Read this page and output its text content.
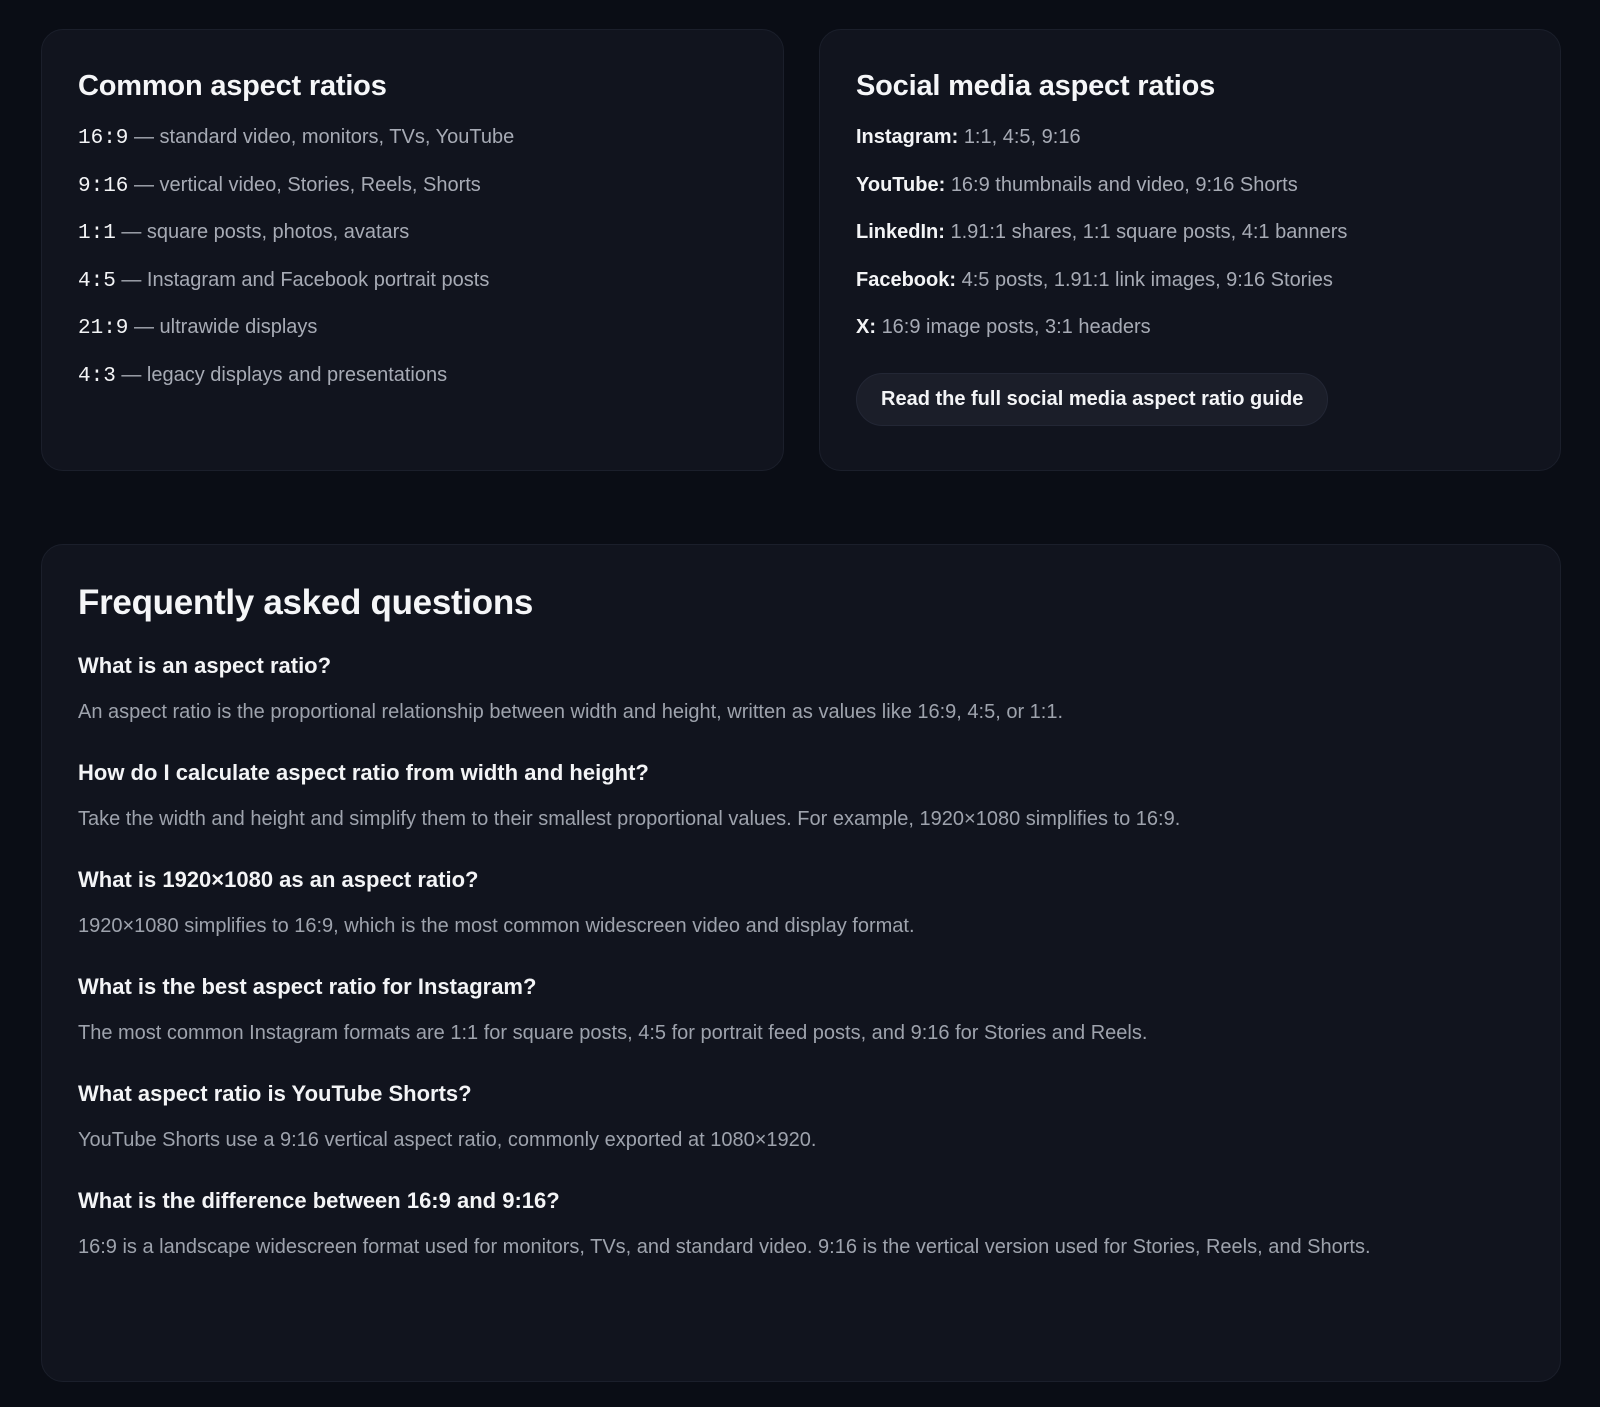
Common aspect ratios
16:9 — standard video, monitors, TVs, YouTube
9:16 — vertical video, Stories, Reels, Shorts
1:1 — square posts, photos, avatars
4:5 — Instagram and Facebook portrait posts
21:9 — ultrawide displays
4:3 — legacy displays and presentations
Social media aspect ratios
Instagram: 1:1, 4:5, 9:16
YouTube: 16:9 thumbnails and video, 9:16 Shorts
LinkedIn: 1.91:1 shares, 1:1 square posts, 4:1 banners
Facebook: 4:5 posts, 1.91:1 link images, 9:16 Stories
X: 16:9 image posts, 3:1 headers
Read the full social media aspect ratio guide
Frequently asked questions
What is an aspect ratio?
An aspect ratio is the proportional relationship between width and height, written as values like 16:9, 4:5, or 1:1.
How do I calculate aspect ratio from width and height?
Take the width and height and simplify them to their smallest proportional values. For example, 1920×1080 simplifies to 16:9.
What is 1920×1080 as an aspect ratio?
1920×1080 simplifies to 16:9, which is the most common widescreen video and display format.
What is the best aspect ratio for Instagram?
The most common Instagram formats are 1:1 for square posts, 4:5 for portrait feed posts, and 9:16 for Stories and Reels.
What aspect ratio is YouTube Shorts?
YouTube Shorts use a 9:16 vertical aspect ratio, commonly exported at 1080×1920.
What is the difference between 16:9 and 9:16?
16:9 is a landscape widescreen format used for monitors, TVs, and standard video. 9:16 is the vertical version used for Stories, Reels, and Shorts.
